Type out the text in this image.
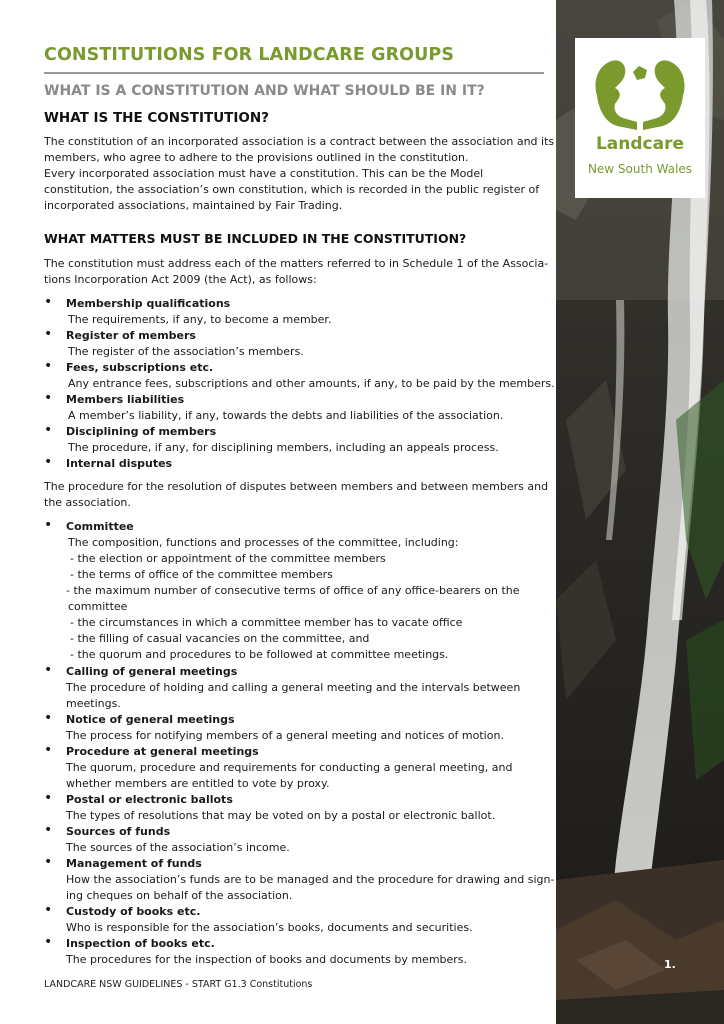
Landcare
New South Wales
1.
CONSTITUTIONS FOR LANDCARE GROUPS
WHAT IS A CONSTITUTION AND WHAT SHOULD BE IN IT?
WHAT IS THE CONSTITUTION?
The constitution of an incorporated association is a contract between the association and its
members, who agree to adhere to the provisions outlined in the constitution.
Every incorporated association must have a constitution. This can be the Model
constitution, the association’s own constitution, which is recorded in the public register of
incorporated associations, maintained by Fair Trading.
WHAT MATTERS MUST BE INCLUDED IN THE CONSTITUTION?
The constitution must address each of the matters referred to in Schedule 1 of the Associa-
tions Incorporation Act 2009 (the Act), as follows:
• Membership qualifications
The requirements, if any, to become a member.
• Register of members
The register of the association’s members.
• Fees, subscriptions etc.
Any entrance fees, subscriptions and other amounts, if any, to be paid by the members.
• Members liabilities
A member’s liability, if any, towards the debts and liabilities of the association.
• Disciplining of members
The procedure, if any, for disciplining members, including an appeals process.
• Internal disputes
The procedure for the resolution of disputes between members and between members and
the association.
• Committee
The composition, functions and processes of the committee, including:
- the election or appointment of the committee members
- the terms of office of the committee members
- the maximum number of consecutive terms of office of any office-bearers on the
committee
- the circumstances in which a committee member has to vacate office
- the filling of casual vacancies on the committee, and
- the quorum and procedures to be followed at committee meetings.
• Calling of general meetings
The procedure of holding and calling a general meeting and the intervals between
meetings.
• Notice of general meetings
The process for notifying members of a general meeting and notices of motion.
• Procedure at general meetings
The quorum, procedure and requirements for conducting a general meeting, and
whether members are entitled to vote by proxy.
• Postal or electronic ballots
The types of resolutions that may be voted on by a postal or electronic ballot.
• Sources of funds
The sources of the association’s income.
• Management of funds
How the association’s funds are to be managed and the procedure for drawing and sign-
ing cheques on behalf of the association.
• Custody of books etc.
Who is responsible for the association’s books, documents and securities.
• Inspection of books etc.
The procedures for the inspection of books and documents by members.
LANDCARE NSW GUIDELINES - START G1.3 Constitutions
